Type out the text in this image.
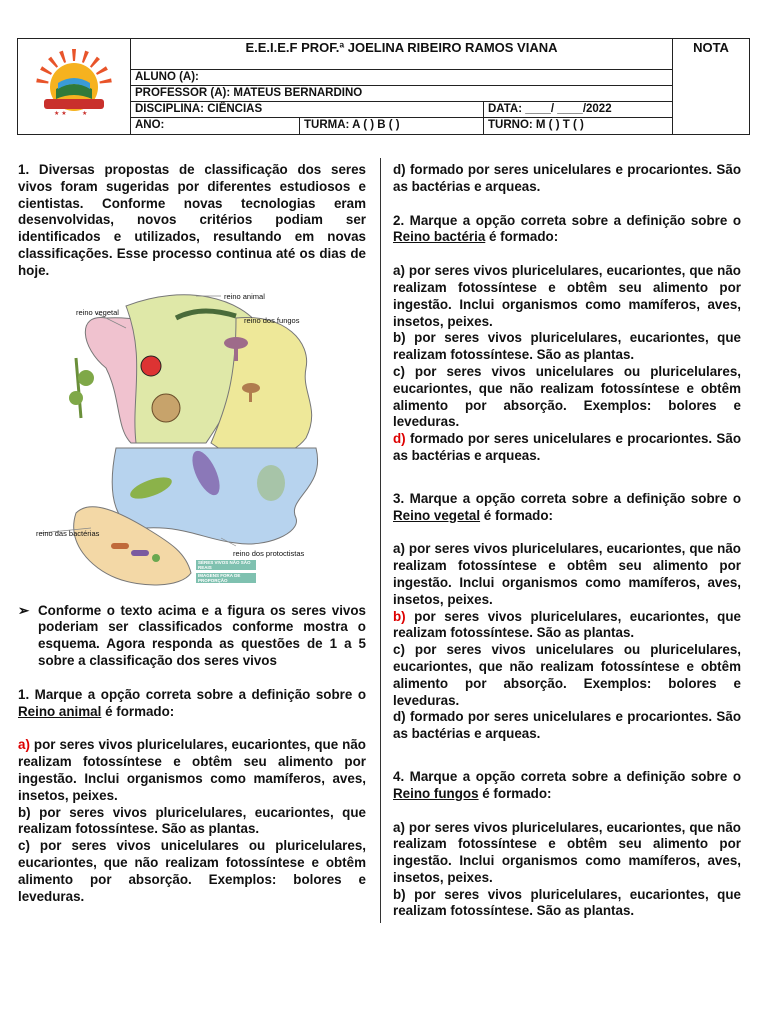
★ ★	★
E.E.I.E.F PROF.ª JOELINA RIBEIRO RAMOS VIANA
ALUNO (A):
PROFESSOR (A): MATEUS BERNARDINO
DISCIPLINA: CIÊNCIAS	DATA: ____/ ____/2022
ANO:	TURMA: A ( ) B ( )	TURNO: M ( ) T ( )
NOTA

1. Diversas propostas de classificação dos seres vivos foram sugeridas por diferentes estudiosos e cientistas. Conforme novas tecnologias eram desenvolvidas, novos critérios podiam ser identificados e utilizados, resultando em novas classificações. Esse processo continua até os dias de hoje.

reino animal
reino vegetal
reino dos fungos
reino das bactérias
reino dos protoctistas
SÉRES VIVOS NÃO SÃO REAIS
IMAGENS FORA DE PROPORÇÃO
➢ Conforme o texto acima e a figura os seres vivos poderiam ser classificados conforme mostra o esquema. Agora responda as questões de 1 a 5 sobre a classificação dos seres vivos

1. Marque a opção correta sobre a definição sobre o Reino animal é formado:

a) por seres vivos pluricelulares, eucariontes, que não realizam fotossíntese e obtêm seu alimento por ingestão. Inclui organismos como mamíferos, aves, insetos, peixes.

b) por seres vivos pluricelulares, eucariontes, que realizam fotossíntese. São as plantas.

c) por seres vivos unicelulares ou pluricelulares, eucariontes, que não realizam fotossíntese e obtêm alimento por absorção. Exemplos: bolores e leveduras.

d) formado por seres unicelulares e procariontes. São as bactérias e arqueas.

2. Marque a opção correta sobre a definição sobre o Reino bactéria é formado:

a) por seres vivos pluricelulares, eucariontes, que não realizam fotossíntese e obtêm seu alimento por ingestão. Inclui organismos como mamíferos, aves, insetos, peixes.

b) por seres vivos pluricelulares, eucariontes, que realizam fotossíntese. São as plantas.

c) por seres vivos unicelulares ou pluricelulares, eucariontes, que não realizam fotossíntese e obtêm alimento por absorção. Exemplos: bolores e leveduras.

d) formado por seres unicelulares e procariontes. São as bactérias e arqueas.

3. Marque a opção correta sobre a definição sobre o Reino vegetal é formado:

a) por seres vivos pluricelulares, eucariontes, que não realizam fotossíntese e obtêm seu alimento por ingestão. Inclui organismos como mamíferos, aves, insetos, peixes.

b) por seres vivos pluricelulares, eucariontes, que realizam fotossíntese. São as plantas.

c) por seres vivos unicelulares ou pluricelulares, eucariontes, que não realizam fotossíntese e obtêm alimento por absorção. Exemplos: bolores e leveduras.

d) formado por seres unicelulares e procariontes. São as bactérias e arqueas.

4. Marque a opção correta sobre a definição sobre o Reino fungos é formado:

a) por seres vivos pluricelulares, eucariontes, que não realizam fotossíntese e obtêm seu alimento por ingestão. Inclui organismos como mamíferos, aves, insetos, peixes.

b) por seres vivos pluricelulares, eucariontes, que realizam fotossíntese. São as plantas.
